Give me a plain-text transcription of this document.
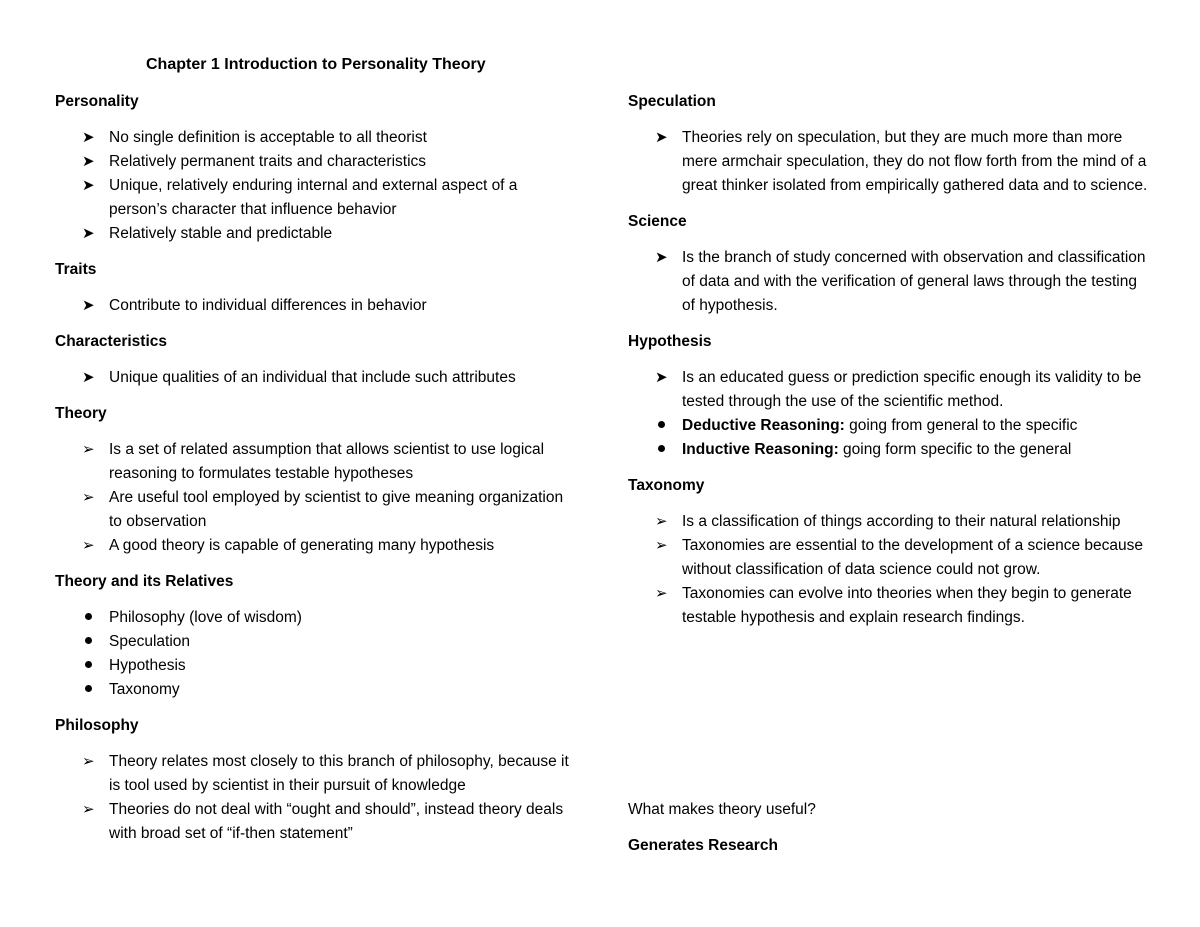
Chapter 1 Introduction to Personality Theory

Personality

➤ No single definition is acceptable to all theorist
➤ Relatively permanent traits and characteristics
➤ Unique, relatively enduring internal and external aspect of a person’s character that influence behavior
➤ Relatively stable and predictable

Traits

➤ Contribute to individual differences in behavior

Characteristics

➤ Unique qualities of an individual that include such attributes

Theory

➢ Is a set of related assumption that allows scientist to use logical reasoning to formulates testable hypotheses
➢ Are useful tool employed by scientist to give meaning organization to observation
➢ A good theory is capable of generating many hypothesis

Theory and its Relatives

Philosophy (love of wisdom)
Speculation
Hypothesis
Taxonomy

Philosophy

➢ Theory relates most closely to this branch of philosophy, because it is tool used by scientist in their pursuit of knowledge
➢ Theories do not deal with “ought and should”, instead theory deals with broad set of “if-then statement”

Speculation

➤ Theories rely on speculation, but they are much more than more mere armchair speculation, they do not flow forth from the mind of a great thinker isolated from empirically gathered data and to science.

Science

➤ Is the branch of study concerned with observation and classification of data and with the verification of general laws through the testing of hypothesis.

Hypothesis

➤ Is an educated guess or prediction specific enough its validity to be tested through the use of the scientific method.
Deductive Reasoning: going from general to the specific
Inductive Reasoning: going form specific to the general

Taxonomy

➢ Is a classification of things according to their natural relationship
➢ Taxonomies are essential to the development of a science because without classification of data science could not grow.
➢ Taxonomies can evolve into theories when they begin to generate testable hypothesis and explain research findings.

What makes theory useful?

Generates Research
